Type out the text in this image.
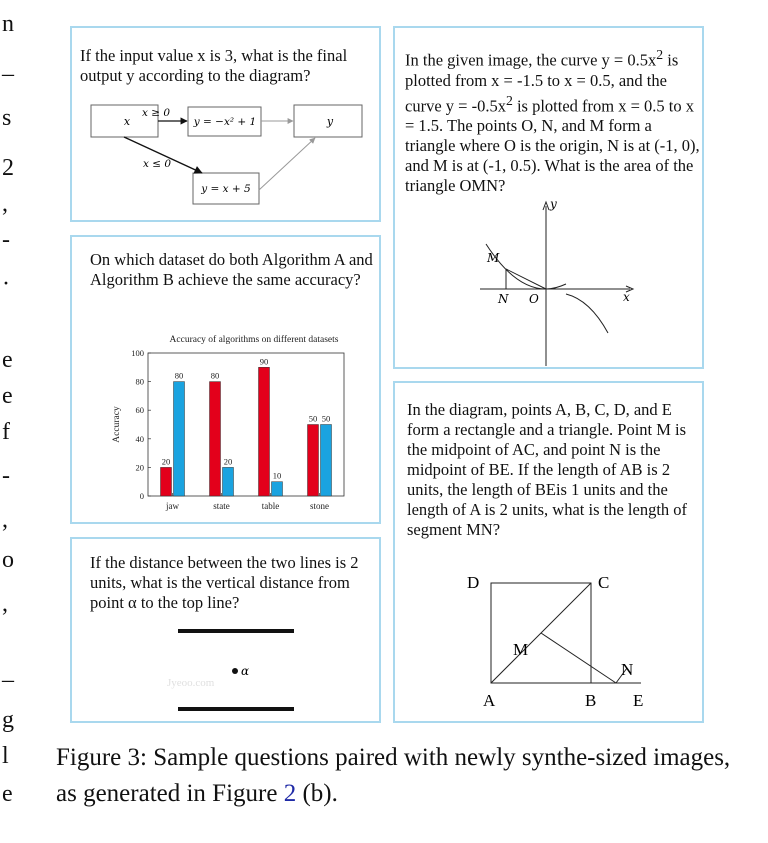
n
–
s
2
,
-
·
e
e
f
-
,
o
,
–
g
l
e
If the input value x is 3, what is the final output y according to the diagram?
x	y = −x² + 1	y
y = x + 5
x ≥ 0
x ≤ 0
On which dataset do both Algorithm A and Algorithm B achieve the same accuracy?
Accuracy of algorithms on different datasets
Accuracy
0
20
40
60
80
100
jaw
20
80
state
80
20
table
90
10
stone
50 50
If the distance between the two lines is 2 units, what is the vertical distance from point α to the top line?
α
Jyeoo.com
In the given image, the curve $y = 0.5x^2$ is plotted from x = -1.5 to x = 0.5, and the curve $y = -0.5x^2$ is plotted from x = 0.5 to x = 1.5. The points O, N, and M form a triangle where O is the origin, N is at (-1, 0), and M is at (-1, 0.5). What is the area of the triangle OMN?
y
x
M
N O
In the diagram, points A, B, C, D, and E form a rectangle and a triangle. Point M is the midpoint of AC, and point N is the midpoint of BE. If the length of AB is 2 units, the length of BEis 1 units and the length of A is 2 units, what is the length of segment MN?
D	C
M
N
A	B E
Figure 3: Sample questions paired with newly synthe-sized images, as generated in Figure 2 (b).
